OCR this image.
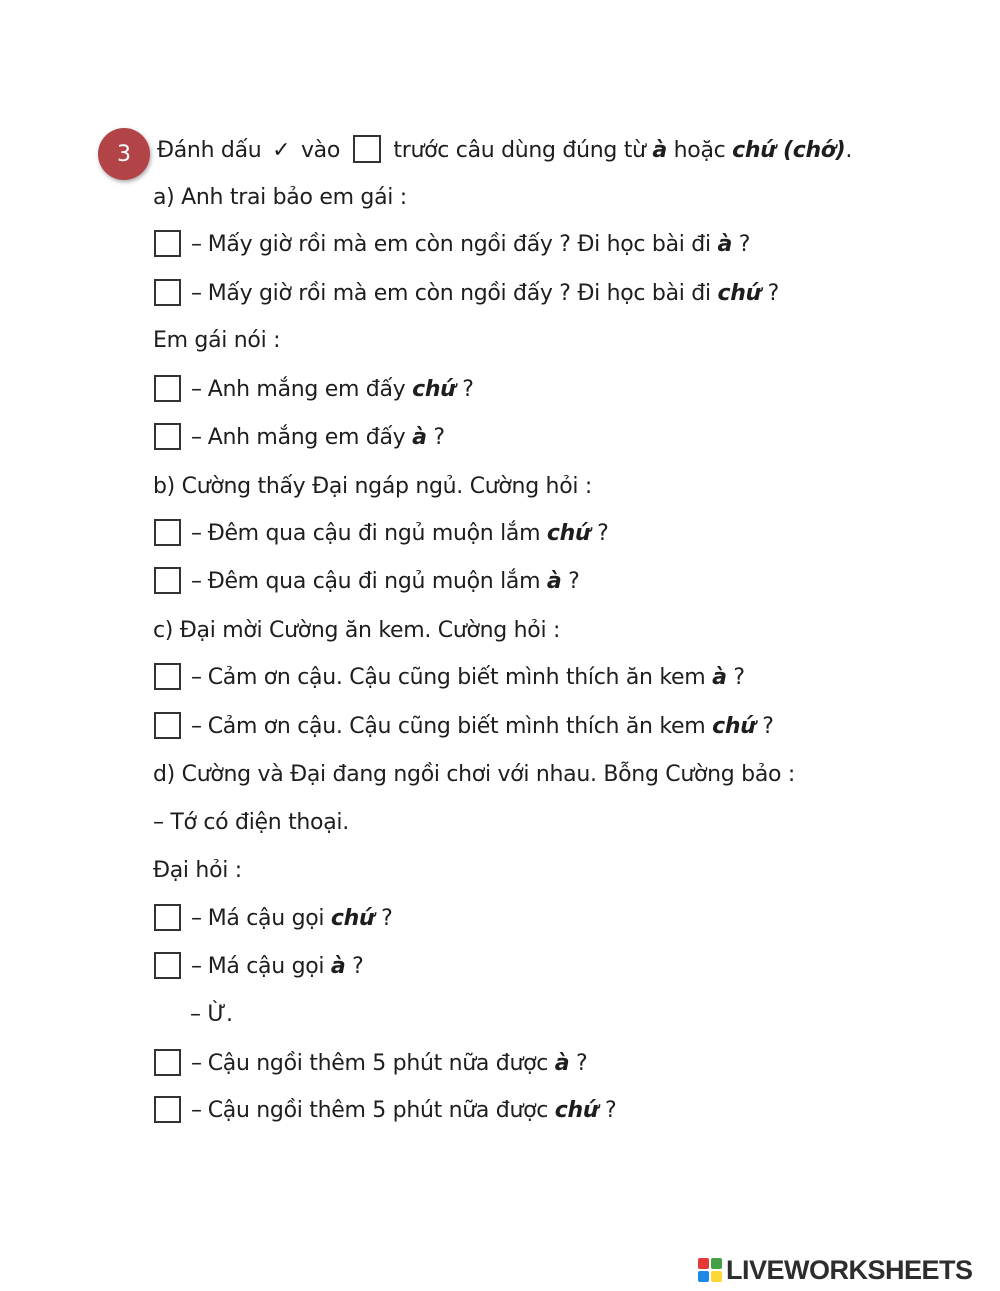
3	Đánh dấu ✓ vào trước câu dùng đúng từ à hoặc chứ (chớ).
a) Anh trai bảo em gái :
– Mấy giờ rồi mà em còn ngồi đấy ? Đi học bài đi à ?
– Mấy giờ rồi mà em còn ngồi đấy ? Đi học bài đi chứ ?
Em gái nói :
– Anh mắng em đấy chứ ?
– Anh mắng em đấy à ?
b) Cường thấy Đại ngáp ngủ. Cường hỏi :
– Đêm qua cậu đi ngủ muộn lắm chứ ?
– Đêm qua cậu đi ngủ muộn lắm à ?
c) Đại mời Cường ăn kem. Cường hỏi :
– Cảm ơn cậu. Cậu cũng biết mình thích ăn kem à ?
– Cảm ơn cậu. Cậu cũng biết mình thích ăn kem chứ ?
d) Cường và Đại đang ngồi chơi với nhau. Bỗng Cường bảo :
– Tớ có điện thoại.
Đại hỏi :
– Má cậu gọi chứ ?
– Má cậu gọi à ?
– Ừ.
– Cậu ngồi thêm 5 phút nữa được à ?
– Cậu ngồi thêm 5 phút nữa được chứ ?
LIVEWORKSHEETS
